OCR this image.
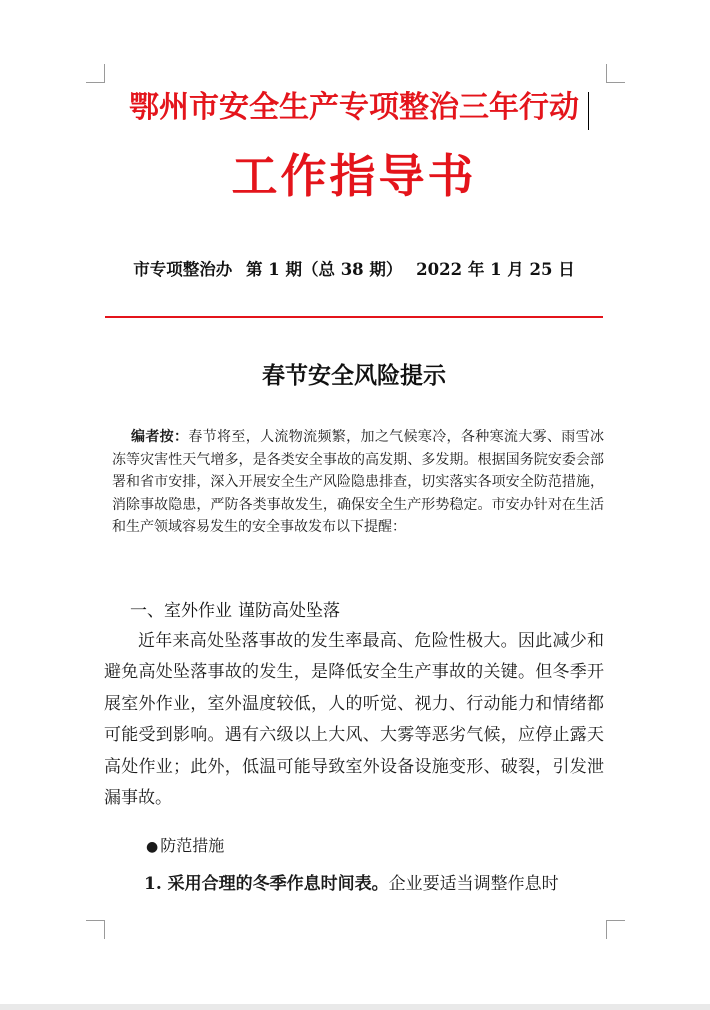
鄂州市安全生产专项整治三年行动
工作指导书
市专项整治办 第 1 期（总 38 期） 2022 年 1 月 25 日
春节安全风险提示
编者按：春节将至，人流物流频繁，加之气候寒冷，各种寒流大雾、雨雪冰冻等灾害性天气增多，是各类安全事故的高发期、多发期。根据国务院安委会部署和省市安排，深入开展安全生产风险隐患排查，切实落实各项安全防范措施，消除事故隐患，严防各类事故发生，确保安全生产形势稳定。市安办针对在生活和生产领域容易发生的安全事故发布以下提醒：
一、室外作业 谨防高处坠落
近年来高处坠落事故的发生率最高、危险性极大。因此减少和避免高处坠落事故的发生，是降低安全生产事故的关键。但冬季开展室外作业，室外温度较低，人的听觉、视力、行动能力和情绪都可能受到影响。遇有六级以上大风、大雾等恶劣气候，应停止露天高处作业；此外，低温可能导致室外设备设施变形、破裂，引发泄漏事故。
● 防范措施
1. 采用合理的冬季作息时间表。企业要适当调整作息时
